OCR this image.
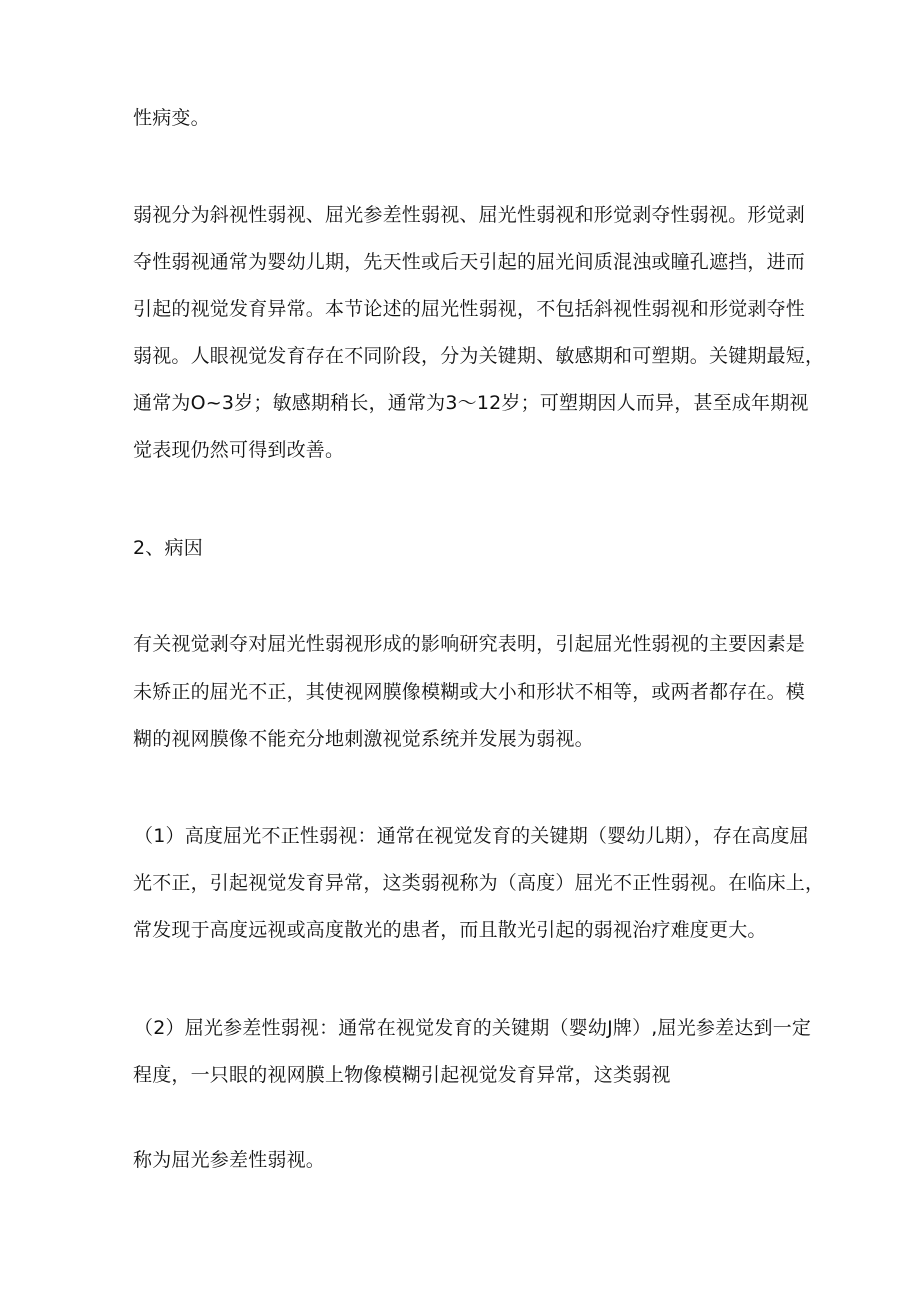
性病变。
弱视分为斜视性弱视、屈光参差性弱视、屈光性弱视和形觉剥夺性弱视。形觉剥
夺性弱视通常为婴幼儿期，先天性或后天引起的屈光间质混浊或瞳孔遮挡，进而
引起的视觉发育异常。本节论述的屈光性弱视，不包括斜视性弱视和形觉剥夺性
弱视。人眼视觉发育存在不同阶段，分为关键期、敏感期和可塑期。关键期最短，
通常为O~3岁；敏感期稍长，通常为3〜12岁；可塑期因人而异，甚至成年期视
觉表现仍然可得到改善。
2、病因
有关视觉剥夺对屈光性弱视形成的影响研究表明，引起屈光性弱视的主要因素是
未矫正的屈光不正，其使视网膜像模糊或大小和形状不相等，或两者都存在。模
糊的视网膜像不能充分地刺激视觉系统并发展为弱视。
（1）高度屈光不正性弱视：通常在视觉发育的关键期（婴幼儿期），存在高度屈
光不正，引起视觉发育异常，这类弱视称为（高度）屈光不正性弱视。在临床上，
常发现于高度远视或高度散光的患者，而且散光引起的弱视治疗难度更大。
（2）屈光参差性弱视：通常在视觉发育的关键期（婴幼J牌）,屈光参差达到一定
程度，一只眼的视网膜上物像模糊引起视觉发育异常，这类弱视
称为屈光参差性弱视。
